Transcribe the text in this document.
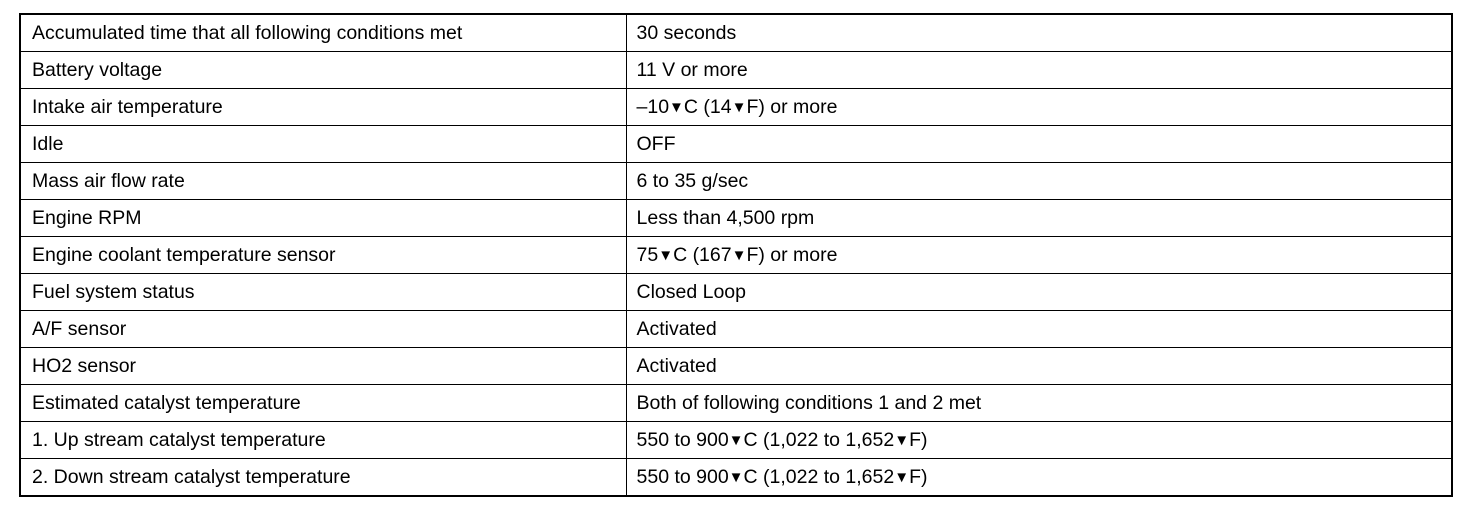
Accumulated time that all following conditions met	30 seconds
Battery voltage	11 V or more
Intake air temperature	–10▼C (14▼F) or more
Idle	OFF
Mass air flow rate	6 to 35 g/sec
Engine RPM	Less than 4,500 rpm
Engine coolant temperature sensor	75▼C (167▼F) or more
Fuel system status	Closed Loop
A/F sensor	Activated
HO2 sensor	Activated
Estimated catalyst temperature	Both of following conditions 1 and 2 met
1. Up stream catalyst temperature	550 to 900▼C (1,022 to 1,652▼F)
2. Down stream catalyst temperature	550 to 900▼C (1,022 to 1,652▼F)
